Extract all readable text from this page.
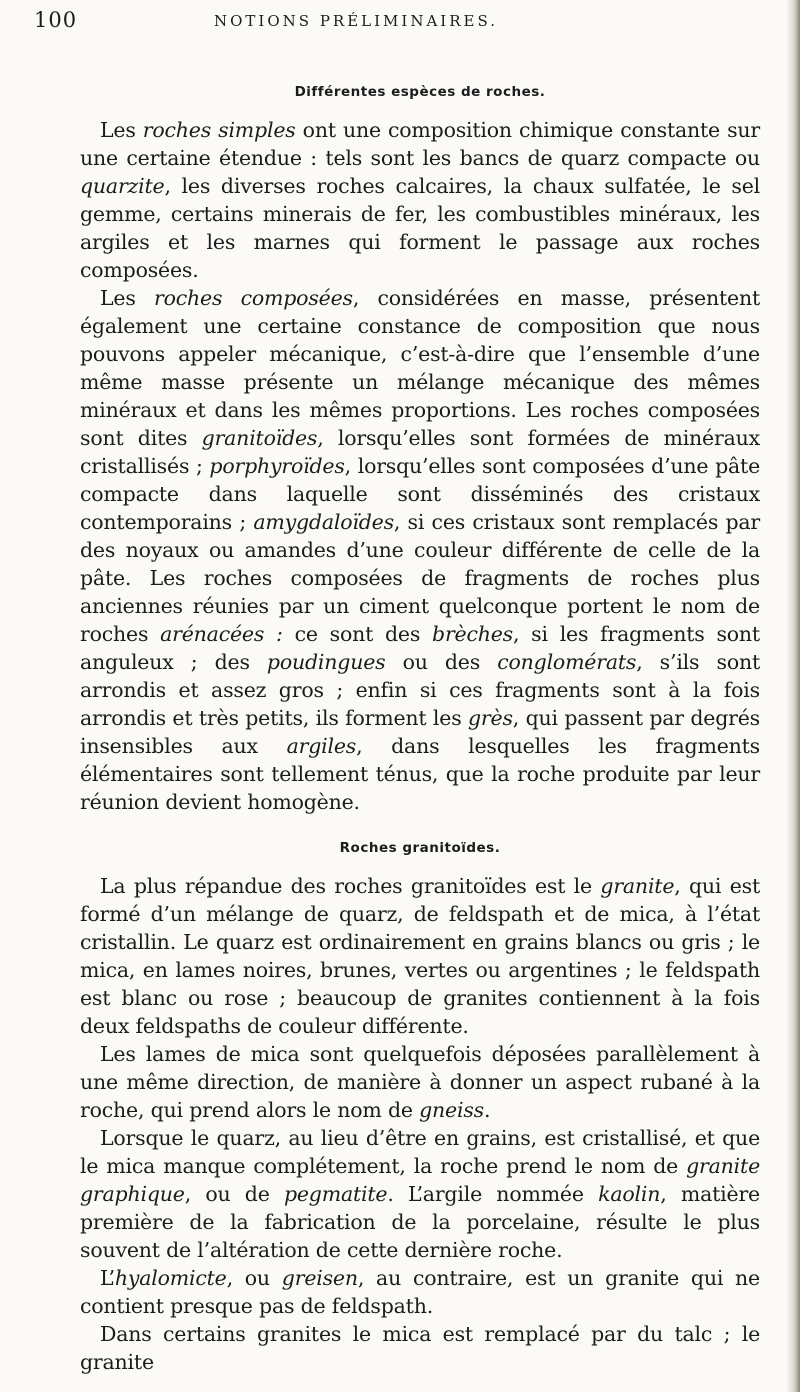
100	NOTIONS PRÉLIMINAIRES.
Différentes espèces de roches.

Les roches simples ont une composition chimique constante sur une certaine étendue : tels sont les bancs de quarz compacte ou quarzite, les diverses roches calcaires, la chaux sulfatée, le sel gemme, certains minerais de fer, les combustibles minéraux, les argiles et les marnes qui forment le passage aux roches composées.

Les roches composées, considérées en masse, présentent également une certaine constance de composition que nous pouvons appeler mécanique, c’est-à-dire que l’ensemble d’une même masse présente un mélange mécanique des mêmes minéraux et dans les mêmes proportions. Les roches composées sont dites granitoïdes, lorsqu’elles sont formées de minéraux cristallisés ; porphyroïdes, lorsqu’elles sont composées d’une pâte compacte dans laquelle sont disséminés des cristaux contemporains ; amygdaloïdes, si ces cristaux sont remplacés par des noyaux ou amandes d’une couleur différente de celle de la pâte. Les roches composées de fragments de roches plus anciennes réunies par un ciment quelconque portent le nom de roches arénacées : ce sont des brèches, si les fragments sont anguleux ; des poudingues ou des conglomérats, s’ils sont arrondis et assez gros ; enfin si ces fragments sont à la fois arrondis et très petits, ils forment les grès, qui passent par degrés insensibles aux argiles, dans lesquelles les fragments élémentaires sont tellement ténus, que la roche produite par leur réunion devient homogène.

Roches granitoïdes.

La plus répandue des roches granitoïdes est le granite, qui est formé d’un mélange de quarz, de feldspath et de mica, à l’état cristallin. Le quarz est ordinairement en grains blancs ou gris ; le mica, en lames noires, brunes, vertes ou argentines ; le feldspath est blanc ou rose ; beaucoup de granites contiennent à la fois deux feldspaths de couleur différente.

Les lames de mica sont quelquefois déposées parallèlement à une même direction, de manière à donner un aspect rubané à la roche, qui prend alors le nom de gneiss.

Lorsque le quarz, au lieu d’être en grains, est cristallisé, et que le mica manque complétement, la roche prend le nom de granite graphique, ou de pegmatite. L’argile nommée kaolin, matière première de la fabrication de la porcelaine, résulte le plus souvent de l’altération de cette dernière roche.

L’hyalomicte, ou greisen, au contraire, est un granite qui ne contient presque pas de feldspath.

Dans certains granites le mica est remplacé par du talc ; le granite
